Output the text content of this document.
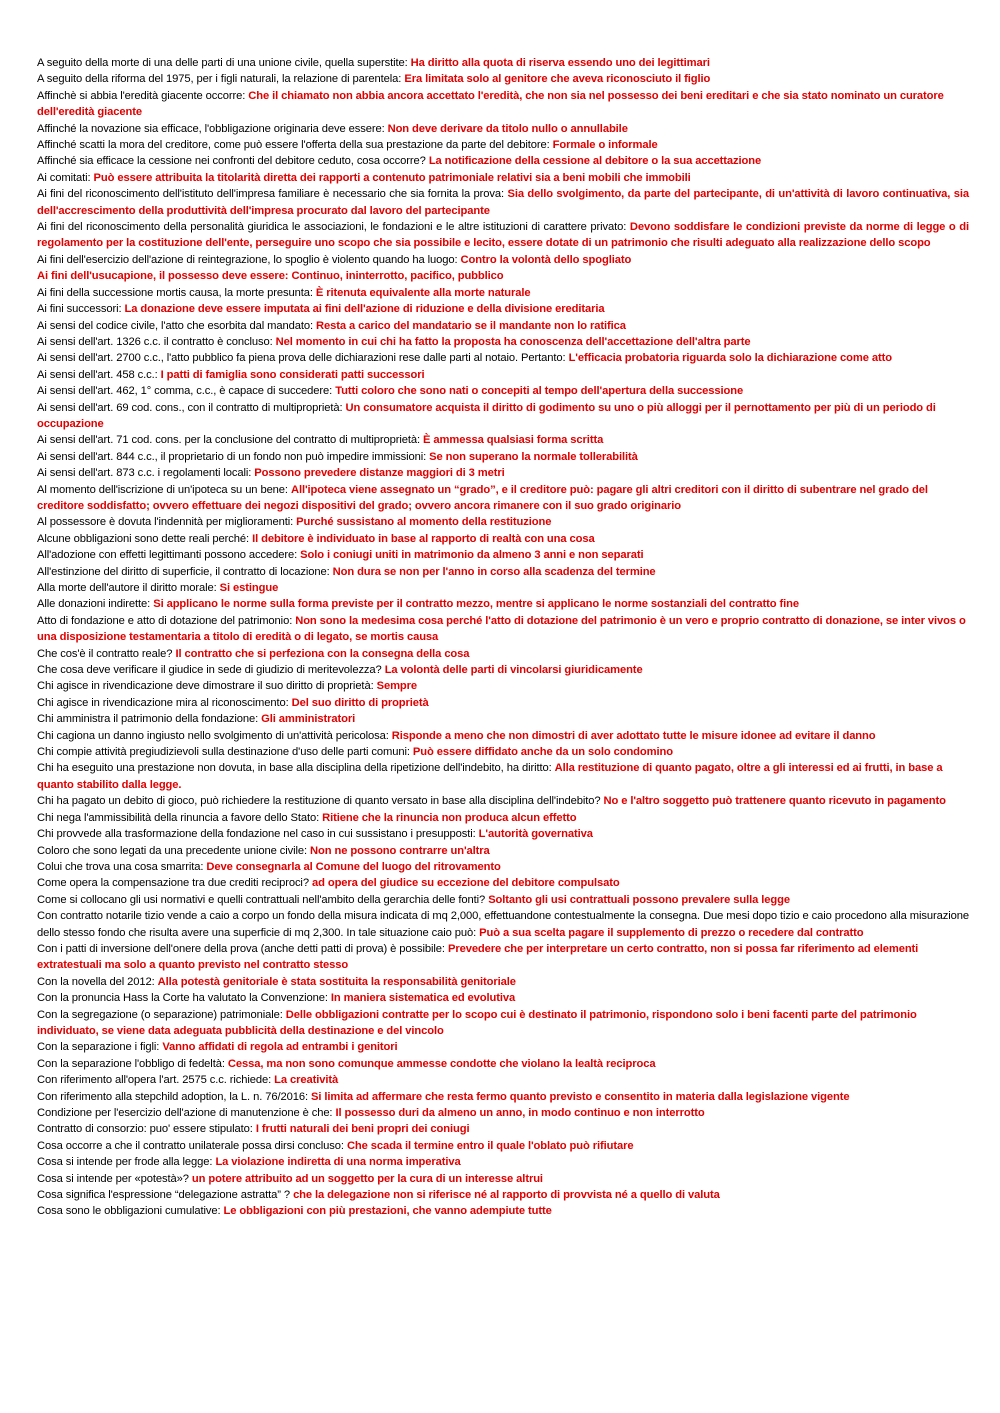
A seguito della morte di una delle parti di una unione civile, quella superstite: Ha diritto alla quota di riserva essendo uno dei legittimari

A seguito della riforma del 1975, per i figli naturali, la relazione di parentela: Era limitata solo al genitore che aveva riconosciuto il figlio

Affinchè si abbia l'eredità giacente occorre: Che il chiamato non abbia ancora accettato l'eredità, che non sia nel possesso dei beni ereditari e che sia stato nominato un curatore dell'eredità giacente

Affinché la novazione sia efficace, l'obbligazione originaria deve essere: Non deve derivare da titolo nullo o annullabile

Affinché scatti la mora del creditore, come può essere l'offerta della sua prestazione da parte del debitore: Formale o informale

Affinché sia efficace la cessione nei confronti del debitore ceduto, cosa occorre? La notificazione della cessione al debitore o la sua accettazione

Ai comitati: Può essere attribuita la titolarità diretta dei rapporti a contenuto patrimoniale relativi sia a beni mobili che immobili

Ai fini del riconoscimento dell'istituto dell'impresa familiare è necessario che sia fornita la prova: Sia dello svolgimento, da parte del partecipante, di un'attività di lavoro continuativa, sia dell'accrescimento della produttività dell'impresa procurato dal lavoro del partecipante

Ai fini del riconoscimento della personalità giuridica le associazioni, le fondazioni e le altre istituzioni di carattere privato: Devono soddisfare le condizioni previste da norme di legge o di regolamento per la costituzione dell'ente, perseguire uno scopo che sia possibile e lecito, essere dotate di un patrimonio che risulti adeguato alla realizzazione dello scopo

Ai fini dell'esercizio dell'azione di reintegrazione, lo spoglio è violento quando ha luogo: Contro la volontà dello spogliato

Ai fini dell'usucapione, il possesso deve essere: Continuo, ininterrotto, pacifico, pubblico

Ai fini della successione mortis causa, la morte presunta: È ritenuta equivalente alla morte naturale

Ai fini successori: La donazione deve essere imputata ai fini dell'azione di riduzione e della divisione ereditaria

Ai sensi del codice civile, l'atto che esorbita dal mandato: Resta a carico del mandatario se il mandante non lo ratifica

Ai sensi dell'art. 1326 c.c. il contratto è concluso: Nel momento in cui chi ha fatto la proposta ha conoscenza dell'accettazione dell'altra parte

Ai sensi dell'art. 2700 c.c., l'atto pubblico fa piena prova delle dichiarazioni rese dalle parti al notaio. Pertanto: L'efficacia probatoria riguarda solo la dichiarazione come atto

Ai sensi dell'art. 458 c.c.: I patti di famiglia sono considerati patti successori

Ai sensi dell'art. 462, 1° comma, c.c., è capace di succedere: Tutti coloro che sono nati o concepiti al tempo dell'apertura della successione

Ai sensi dell'art. 69 cod. cons., con il contratto di multiproprietà: Un consumatore acquista il diritto di godimento su uno o più alloggi per il pernottamento per più di un periodo di occupazione

Ai sensi dell'art. 71 cod. cons. per la conclusione del contratto di multiproprietà: È ammessa qualsiasi forma scritta

Ai sensi dell'art. 844 c.c., il proprietario di un fondo non può impedire immissioni: Se non superano la normale tollerabilità

Ai sensi dell'art. 873 c.c. i regolamenti locali: Possono prevedere distanze maggiori di 3 metri

Al momento dell'iscrizione di un'ipoteca su un bene: All'ipoteca viene assegnato un “grado”, e il creditore può: pagare gli altri creditori con il diritto di subentrare nel grado del creditore soddisfatto; ovvero effettuare dei negozi dispositivi del grado; ovvero ancora rimanere con il suo grado originario

Al possessore è dovuta l'indennità per miglioramenti: Purché sussistano al momento della restituzione

Alcune obbligazioni sono dette reali perché: Il debitore è individuato in base al rapporto di realtà con una cosa

All'adozione con effetti legittimanti possono accedere: Solo i coniugi uniti in matrimonio da almeno 3 anni e non separati

All'estinzione del diritto di superficie, il contratto di locazione: Non dura se non per l'anno in corso alla scadenza del termine

Alla morte dell'autore il diritto morale: Si estingue

Alle donazioni indirette: Si applicano le norme sulla forma previste per il contratto mezzo, mentre si applicano le norme sostanziali del contratto fine

Atto di fondazione e atto di dotazione del patrimonio: Non sono la medesima cosa perché l'atto di dotazione del patrimonio è un vero e proprio contratto di donazione, se inter vivos o una disposizione testamentaria a titolo di eredità o di legato, se mortis causa

Che cos'è il contratto reale? Il contratto che si perfeziona con la consegna della cosa

Che cosa deve verificare il giudice in sede di giudizio di meritevolezza? La volontà delle parti di vincolarsi giuridicamente

Chi agisce in rivendicazione deve dimostrare il suo diritto di proprietà: Sempre

Chi agisce in rivendicazione mira al riconoscimento: Del suo diritto di proprietà

Chi amministra il patrimonio della fondazione: Gli amministratori

Chi cagiona un danno ingiusto nello svolgimento di un'attività pericolosa: Risponde a meno che non dimostri di aver adottato tutte le misure idonee ad evitare il danno

Chi compie attività pregiudizievoli sulla destinazione d'uso delle parti comuni: Può essere diffidato anche da un solo condomino

Chi ha eseguito una prestazione non dovuta, in base alla disciplina della ripetizione dell'indebito, ha diritto: Alla restituzione di quanto pagato, oltre a gli interessi ed ai frutti, in base a quanto stabilito dalla legge.

Chi ha pagato un debito di gioco, può richiedere la restituzione di quanto versato in base alla disciplina dell'indebito? No e l'altro soggetto può trattenere quanto ricevuto in pagamento

Chi nega l'ammissibilità della rinuncia a favore dello Stato: Ritiene che la rinuncia non produca alcun effetto

Chi provvede alla trasformazione della fondazione nel caso in cui sussistano i presupposti: L'autorità governativa

Coloro che sono legati da una precedente unione civile: Non ne possono contrarre un'altra

Colui che trova una cosa smarrita: Deve consegnarla al Comune del luogo del ritrovamento

Come opera la compensazione tra due crediti reciproci? ad opera del giudice su eccezione del debitore compulsato

Come si collocano gli usi normativi e quelli contrattuali nell'ambito della gerarchia delle fonti? Soltanto gli usi contrattuali possono prevalere sulla legge

Con contratto notarile tizio vende a caio a corpo un fondo della misura indicata di mq 2,000, effettuandone contestualmente la consegna. Due mesi dopo tizio e caio procedono alla misurazione dello stesso fondo che risulta avere una superficie di mq 2,300. In tale situazione caio può: Può a sua scelta pagare il supplemento di prezzo o recedere dal contratto

Con i patti di inversione dell'onere della prova (anche detti patti di prova) è possibile: Prevedere che per interpretare un certo contratto, non si possa far riferimento ad elementi extratestuali ma solo a quanto previsto nel contratto stesso

Con la novella del 2012: Alla potestà genitoriale è stata sostituita la responsabilità genitoriale

Con la pronuncia Hass la Corte ha valutato la Convenzione: In maniera sistematica ed evolutiva

Con la segregazione (o separazione) patrimoniale: Delle obbligazioni contratte per lo scopo cui è destinato il patrimonio, rispondono solo i beni facenti parte del patrimonio individuato, se viene data adeguata pubblicità della destinazione e del vincolo

Con la separazione i figli: Vanno affidati di regola ad entrambi i genitori

Con la separazione l'obbligo di fedeltà: Cessa, ma non sono comunque ammesse condotte che violano la lealtà reciproca

Con riferimento all'opera l'art. 2575 c.c. richiede: La creatività

Con riferimento alla stepchild adoption, la L. n. 76/2016: Si limita ad affermare che resta fermo quanto previsto e consentito in materia dalla legislazione vigente

Condizione per l'esercizio dell'azione di manutenzione è che: Il possesso duri da almeno un anno, in modo continuo e non interrotto

Contratto di consorzio: puo' essere stipulato: I frutti naturali dei beni propri dei coniugi

Cosa occorre a che il contratto unilaterale possa dirsi concluso: Che scada il termine entro il quale l'oblato può rifiutare

Cosa si intende per frode alla legge: La violazione indiretta di una norma imperativa

Cosa si intende per «potestà»? un potere attribuito ad un soggetto per la cura di un interesse altrui

Cosa significa l'espressione “delegazione astratta” ? che la delegazione non si riferisce né al rapporto di provvista né a quello di valuta

Cosa sono le obbligazioni cumulative: Le obbligazioni con più prestazioni, che vanno adempiute tutte
